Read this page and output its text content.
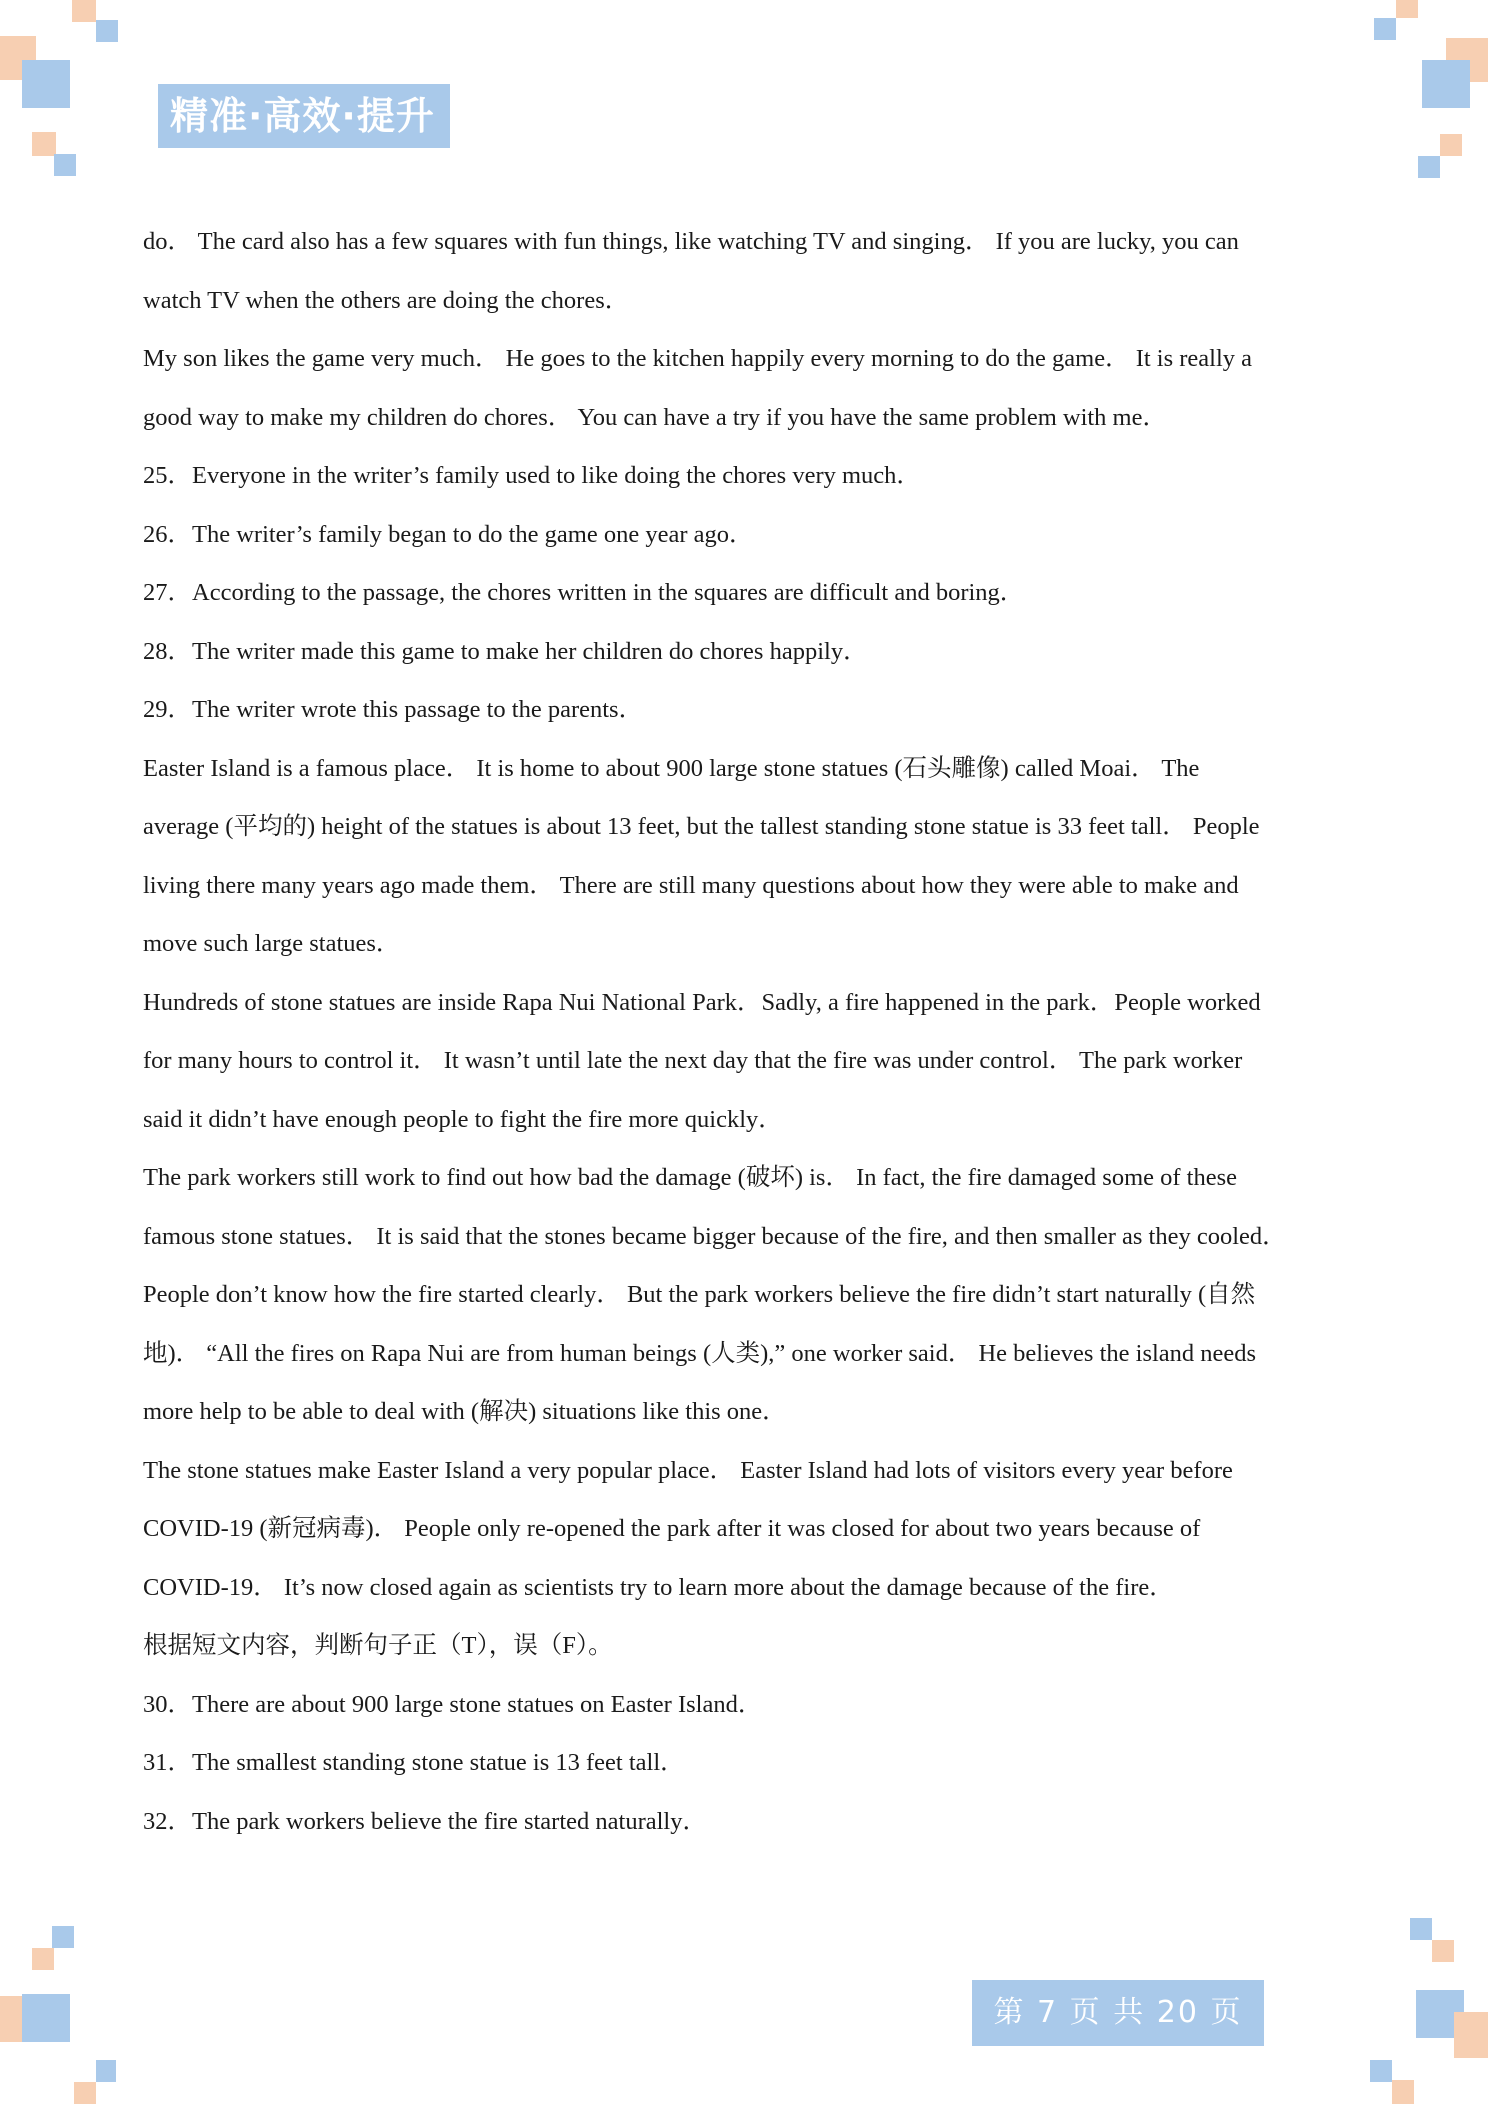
精准·高效·提升
do． The card also has a few squares with fun things, like watching TV and singing． If you are lucky, you can
watch TV when the others are doing the chores．
My son likes the game very much． He goes to the kitchen happily every morning to do the game． It is really a
good way to make my children do chores． You can have a try if you have the same problem with me．
25．Everyone in the writer’s family used to like doing the chores very much．
26．The writer’s family began to do the game one year ago．
27．According to the passage, the chores written in the squares are difficult and boring．
28．The writer made this game to make her children do chores happily．
29．The writer wrote this passage to the parents．
Easter Island is a famous place． It is home to about 900 large stone statues (石头雕像) called Moai． The
average (平均的) height of the statues is about 13 feet, but the tallest standing stone statue is 33 feet tall． People
living there many years ago made them． There are still many questions about how they were able to make and
move such large statues．
Hundreds of stone statues are inside Rapa Nui National Park．Sadly, a fire happened in the park．People worked
for many hours to control it． It wasn’t until late the next day that the fire was under control． The park worker
said it didn’t have enough people to fight the fire more quickly．
The park workers still work to find out how bad the damage (破坏) is． In fact, the fire damaged some of these
famous stone statues． It is said that the stones became bigger because of the fire, and then smaller as they cooled．
People don’t know how the fire started clearly． But the park workers believe the fire didn’t start naturally (自然
地)． “All the fires on Rapa Nui are from human beings (人类),” one worker said． He believes the island needs
more help to be able to deal with (解决) situations like this one．
The stone statues make Easter Island a very popular place． Easter Island had lots of visitors every year before
COVID-19 (新冠病毒)． People only re-opened the park after it was closed for about two years because of
COVID-19． It’s now closed again as scientists try to learn more about the damage because of the fire．
根据短文内容，判断句子正（T），误（F）。
30．There are about 900 large stone statues on Easter Island．
31．The smallest standing stone statue is 13 feet tall．
32．The park workers believe the fire started naturally．
第 7 页 共 20 页
